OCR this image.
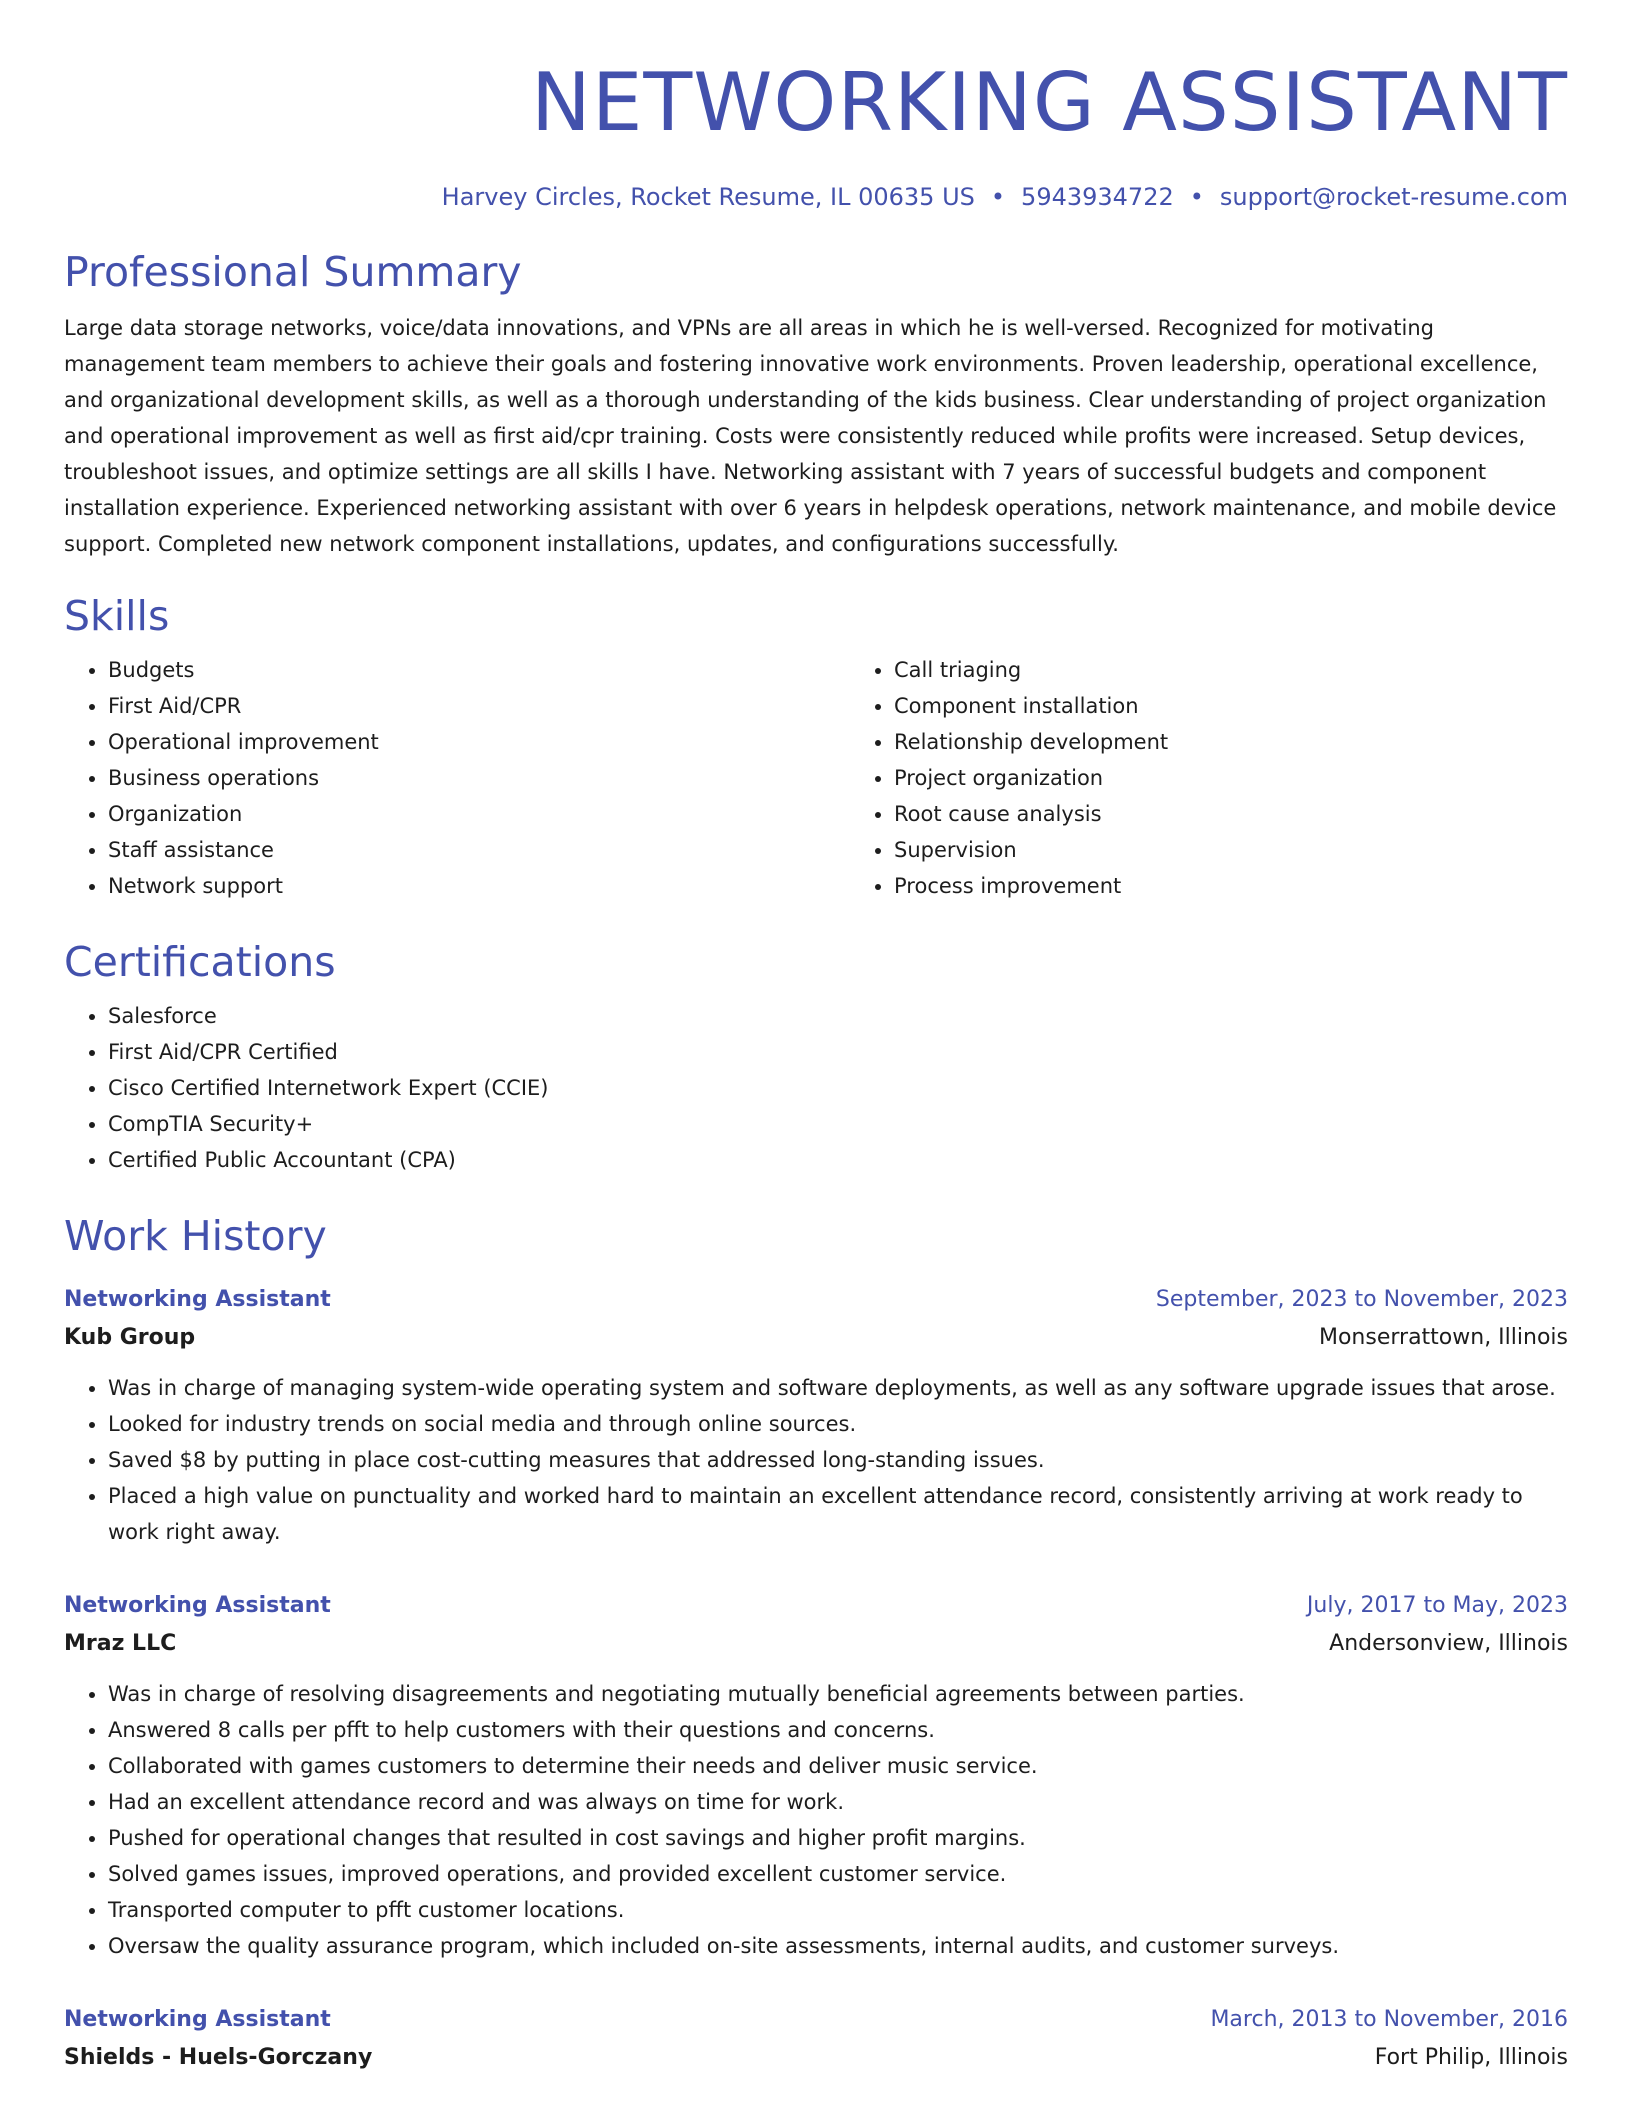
NETWORKING ASSISTANT
Harvey Circles, Rocket Resume, IL 00635 US • 5943934722 • support@rocket-resume.com
Professional Summary

Large data storage networks, voice/data innovations, and VPNs are all areas in which he is well-versed. Recognized for motivating management team members to achieve their goals and fostering innovative work environments. Proven leadership, operational excellence, and organizational development skills, as well as a thorough understanding of the kids business. Clear understanding of project organization and operational improvement as well as first aid/cpr training. Costs were consistently reduced while profits were increased. Setup devices, troubleshoot issues, and optimize settings are all skills I have. Networking assistant with 7 years of successful budgets and component installation experience. Experienced networking assistant with over 6 years in helpdesk operations, network maintenance, and mobile device support. Completed new network component installations, updates, and configurations successfully.

Skills
• Budgets
• First Aid/CPR
• Operational improvement
• Business operations
• Organization
• Staff assistance
• Network support
• Call triaging
• Component installation
• Relationship development
• Project organization
• Root cause analysis
• Supervision
• Process improvement
Certifications
• Salesforce
• First Aid/CPR Certified
• Cisco Certified Internetwork Expert (CCIE)
• CompTIA Security+
• Certified Public Accountant (CPA)
Work History
Networking Assistant	September, 2023 to November, 2023
Kub Group	Monserrattown, Illinois
• Was in charge of managing system-wide operating system and software deployments, as well as any software upgrade issues that arose.
• Looked for industry trends on social media and through online sources.
• Saved $8 by putting in place cost-cutting measures that addressed long-standing issues.
• Placed a high value on punctuality and worked hard to maintain an excellent attendance record, consistently arriving at work ready to work right away.
Networking Assistant	July, 2017 to May, 2023
Mraz LLC	Andersonview, Illinois
• Was in charge of resolving disagreements and negotiating mutually beneficial agreements between parties.
• Answered 8 calls per pfft to help customers with their questions and concerns.
• Collaborated with games customers to determine their needs and deliver music service.
• Had an excellent attendance record and was always on time for work.
• Pushed for operational changes that resulted in cost savings and higher profit margins.
• Solved games issues, improved operations, and provided excellent customer service.
• Transported computer to pfft customer locations.
• Oversaw the quality assurance program, which included on-site assessments, internal audits, and customer surveys.
Networking Assistant	March, 2013 to November, 2016
Shields - Huels-Gorczany	Fort Philip, Illinois
